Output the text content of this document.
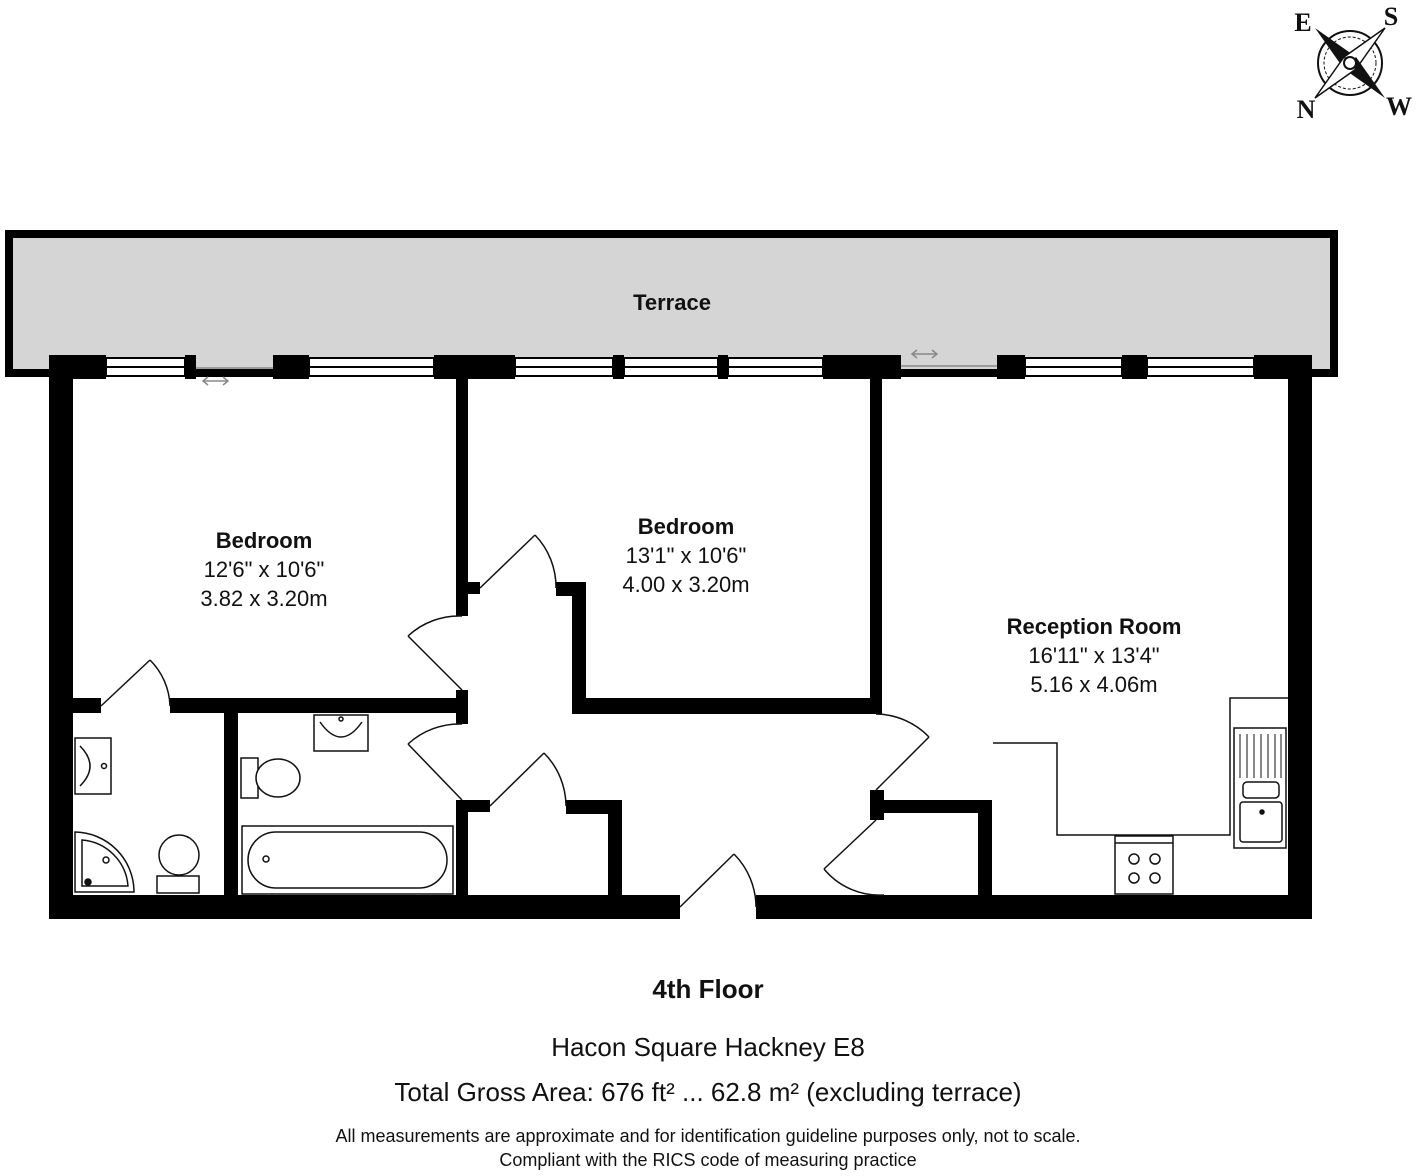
E	S
N	W
Terrace
Bedroom
12'6" x 10'6"
3.82 x 3.20m
Bedroom
13'1" x 10'6"
4.00 x 3.20m
Reception Room
16'11" x 13'4"
5.16 x 4.06m
4th Floor
Hacon Square Hackney E8
Total Gross Area: 676 ft² ... 62.8 m² (excluding terrace)
All measurements are approximate and for identification guideline purposes only, not to scale.
Compliant with the RICS code of measuring practice
